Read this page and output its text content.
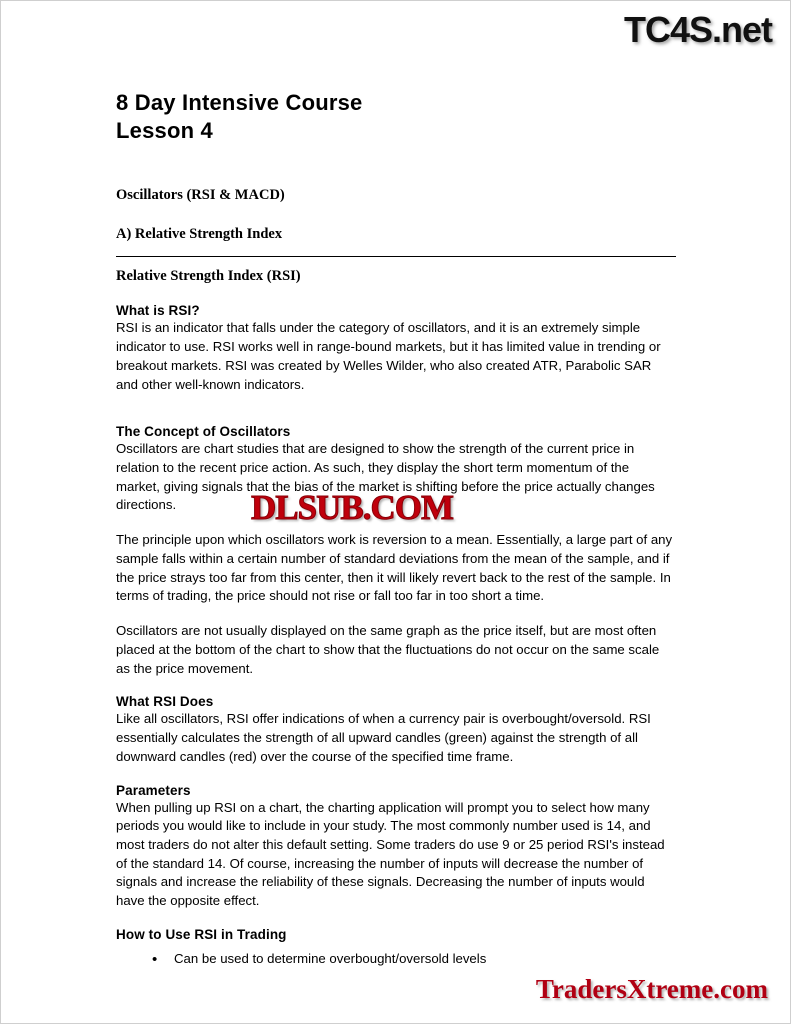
TC4S.net
8 Day Intensive Course
Lesson 4
Oscillators (RSI & MACD)
A) Relative Strength Index
Relative Strength Index (RSI)
What is RSI?

RSI is an indicator that falls under the category of oscillators, and it is an extremely simple indicator to use. RSI works well in range-bound markets, but it has limited value in trending or breakout markets. RSI was created by Welles Wilder, who also created ATR, Parabolic SAR and other well-known indicators.

The Concept of Oscillators

Oscillators are chart studies that are designed to show the strength of the current price in relation to the recent price action. As such, they display the short term momentum of the market, giving signals that the bias of the market is shifting before the price actually changes directions.

The principle upon which oscillators work is reversion to a mean. Essentially, a large part of any sample falls within a certain number of standard deviations from the mean of the sample, and if the price strays too far from this center, then it will likely revert back to the rest of the sample. In terms of trading, the price should not rise or fall too far in too short a time.

Oscillators are not usually displayed on the same graph as the price itself, but are most often placed at the bottom of the chart to show that the fluctuations do not occur on the same scale as the price movement.

What RSI Does

Like all oscillators, RSI offer indications of when a currency pair is overbought/oversold. RSI essentially calculates the strength of all upward candles (green) against the strength of all downward candles (red) over the course of the specified time frame.

Parameters

When pulling up RSI on a chart, the charting application will prompt you to select how many periods you would like to include in your study. The most commonly number used is 14, and most traders do not alter this default setting. Some traders do use 9 or 25 period RSI's instead of the standard 14. Of course, increasing the number of inputs will decrease the number of signals and increase the reliability of these signals. Decreasing the number of inputs would have the opposite effect.

How to Use RSI in Trading
• Can be used to determine overbought/oversold levels
DLSUB.COM
TradersXtreme.com
